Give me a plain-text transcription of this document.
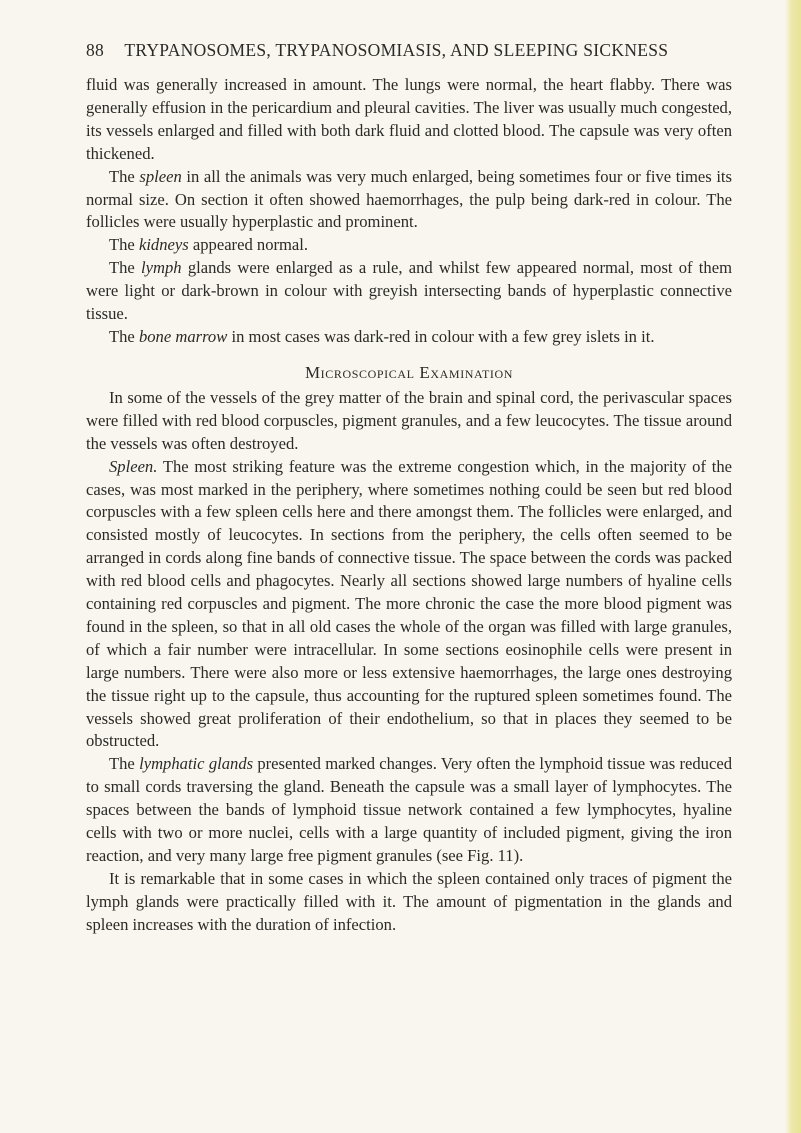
88 TRYPANOSOMES, TRYPANOSOMIASIS, AND SLEEPING SICKNESS

fluid was generally increased in amount. The lungs were normal, the heart flabby. There was generally effusion in the pericardium and pleural cavities. The liver was usually much congested, its vessels enlarged and filled with both dark fluid and clotted blood. The capsule was very often thickened.

The spleen in all the animals was very much enlarged, being sometimes four or five times its normal size. On section it often showed haemorrhages, the pulp being dark-red in colour. The follicles were usually hyperplastic and prominent.

The kidneys appeared normal.

The lymph glands were enlarged as a rule, and whilst few appeared normal, most of them were light or dark-brown in colour with greyish intersecting bands of hyperplastic connective tissue.

The bone marrow in most cases was dark-red in colour with a few grey islets in it.

Microscopical Examination

In some of the vessels of the grey matter of the brain and spinal cord, the perivascular spaces were filled with red blood corpuscles, pigment granules, and a few leucocytes. The tissue around the vessels was often destroyed.

Spleen. The most striking feature was the extreme congestion which, in the majority of the cases, was most marked in the periphery, where sometimes nothing could be seen but red blood corpuscles with a few spleen cells here and there amongst them. The follicles were enlarged, and consisted mostly of leucocytes. In sections from the periphery, the cells often seemed to be arranged in cords along fine bands of connective tissue. The space between the cords was packed with red blood cells and phagocytes. Nearly all sections showed large numbers of hyaline cells containing red corpuscles and pigment. The more chronic the case the more blood pigment was found in the spleen, so that in all old cases the whole of the organ was filled with large granules, of which a fair number were intracellular. In some sections eosinophile cells were present in large numbers. There were also more or less extensive haemorrhages, the large ones destroying the tissue right up to the capsule, thus accounting for the ruptured spleen sometimes found. The vessels showed great proliferation of their endothelium, so that in places they seemed to be obstructed.

The lymphatic glands presented marked changes. Very often the lymphoid tissue was reduced to small cords traversing the gland. Beneath the capsule was a small layer of lymphocytes. The spaces between the bands of lymphoid tissue network contained a few lymphocytes, hyaline cells with two or more nuclei, cells with a large quantity of included pigment, giving the iron reaction, and very many large free pigment granules (see Fig. 11).

It is remarkable that in some cases in which the spleen contained only traces of pigment the lymph glands were practically filled with it. The amount of pigmentation in the glands and spleen increases with the duration of infection.
